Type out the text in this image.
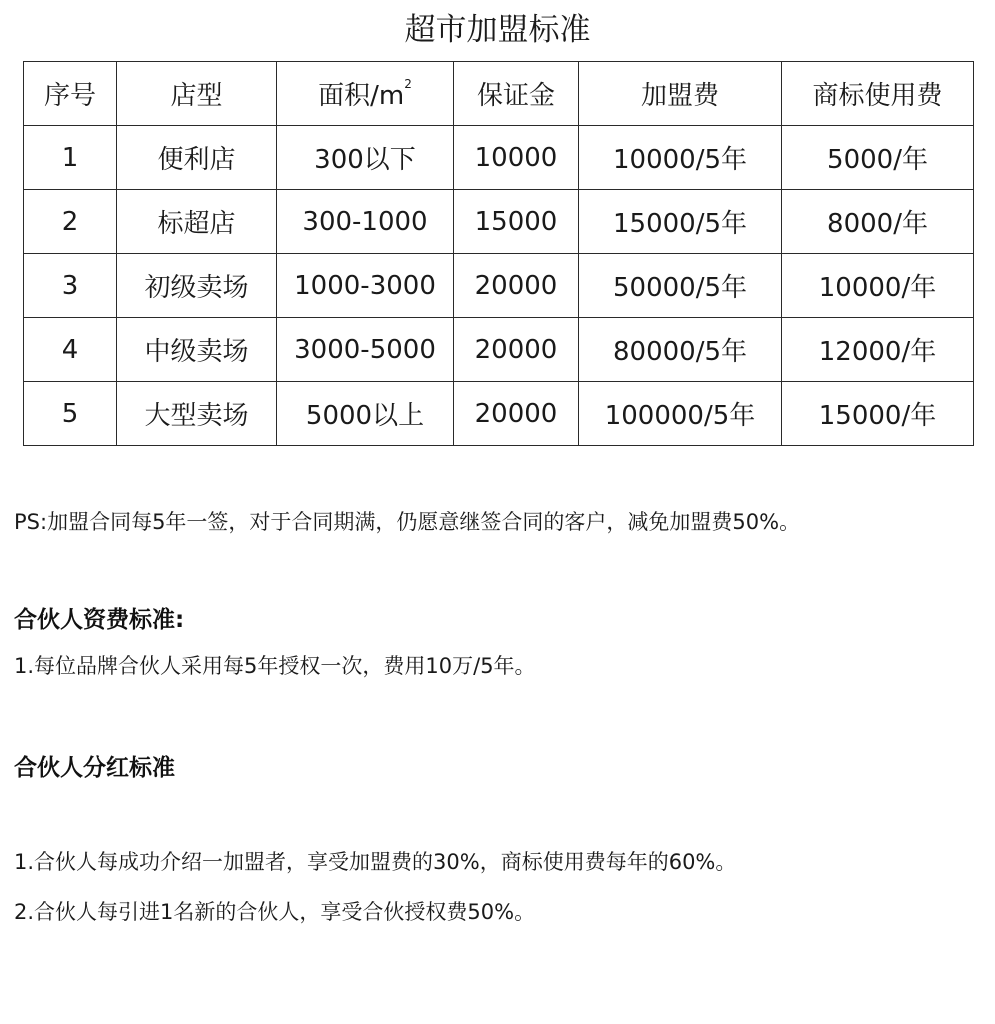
超市加盟标准
序号	店型	面积$/m^2$	保证金	加盟费	商标使用费
1	便利店	300以下	10000	10000/5年	5000/年
2	标超店	300-1000	15000	15000/5年	8000/年
3	初级卖场	1000-3000	20000	50000/5年	10000/年
4	中级卖场	3000-5000	20000	80000/5年	12000/年
5	大型卖场	5000以上	20000	100000/5年	15000/年
PS:加盟合同每5年一签，对于合同期满，仍愿意继签合同的客户，减免加盟费50%。
合伙人资费标准:
1.每位品牌合伙人采用每5年授权一次，费用10万/5年。
合伙人分红标准
1.合伙人每成功介绍一加盟者，享受加盟费的30%，商标使用费每年的60%。
2.合伙人每引进1名新的合伙人，享受合伙授权费50%。
